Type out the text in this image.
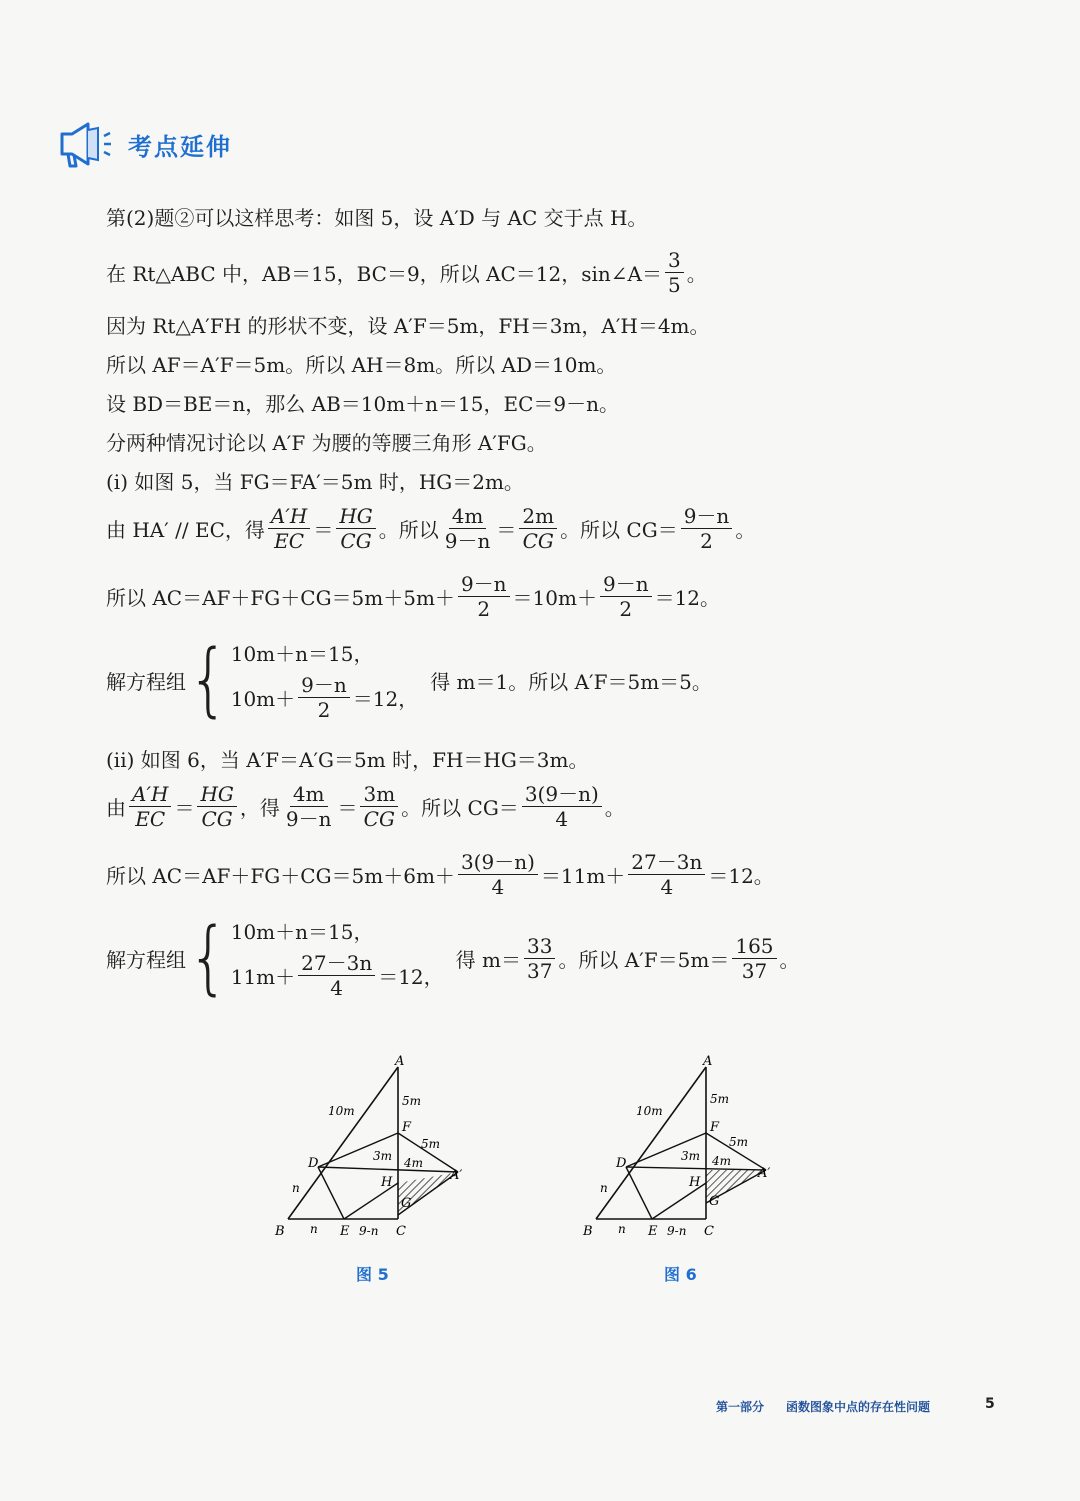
考点延伸
第(2)题②可以这样思考：如图 5，设 A′D 与 AC 交于点 H。
在 Rt△ABC 中，AB＝15，BC＝9，所以 AC＝12，sin∠A＝ $\frac{3}{5}$ 。
因为 Rt△A′FH 的形状不变，设 A′F＝5m，FH＝3m，A′H＝4m。
所以 AF＝A′F＝5m。所以 AH＝8m。所以 AD＝10m。
设 BD＝BE＝n，那么 AB＝10m＋n＝15，EC＝9－n。
分两种情况讨论以 A′F 为腰的等腰三角形 A′FG。
(i) 如图 5，当 FG＝FA′＝5m 时，HG＝2m。
由 HA′ // EC，得 $\frac{A'H}{EC} = \frac{HG}{CG}$ 。所以 $\frac{4m}{9-n} = \frac{2m}{CG}$ 。所以 $CG= \frac{9-n}{2}$ 。
所以 $AC=AF+FG+CG=5m+5m+ \frac{9-n}{2} =10m+ \frac{9-n}{2} =12$。
解方程组 { 10m＋n＝15，
$10m+ \frac{9-n}{2} =12$，
得 m＝1。所以 A′F＝5m＝5。
(ii) 如图 6，当 A′F＝A′G＝5m 时，FH＝HG＝3m。
由 $\frac{A'H}{EC} = \frac{HG}{CG}$ ，得 $\frac{4m}{9-n} = \frac{3m}{CG}$ 。所以 $CG= \frac{3(9-n)}{4}$ 。
所以 $AC=AF+FG+CG=5m+6m+ \frac{3(9-n)}{4} =11m+ \frac{27-3n}{4} =12$。
解方程组 { 10m＋n＝15，
$11m+ \frac{27-3n}{4} =12$，
得 $m= \frac{33}{37}$ 。所以 $A'F=5m= \frac{165}{37}$ 。
A
B	C
D
E
F
G
H	A′
10m
5m
5m
3m 4m
n
n	9-n
图 5
A
B	C
D
E
F
G
H
A′
10m
5m
5m
3m 4m
n
n	9-n
图 6
第一部分 函数图象中点的存在性问题	5
